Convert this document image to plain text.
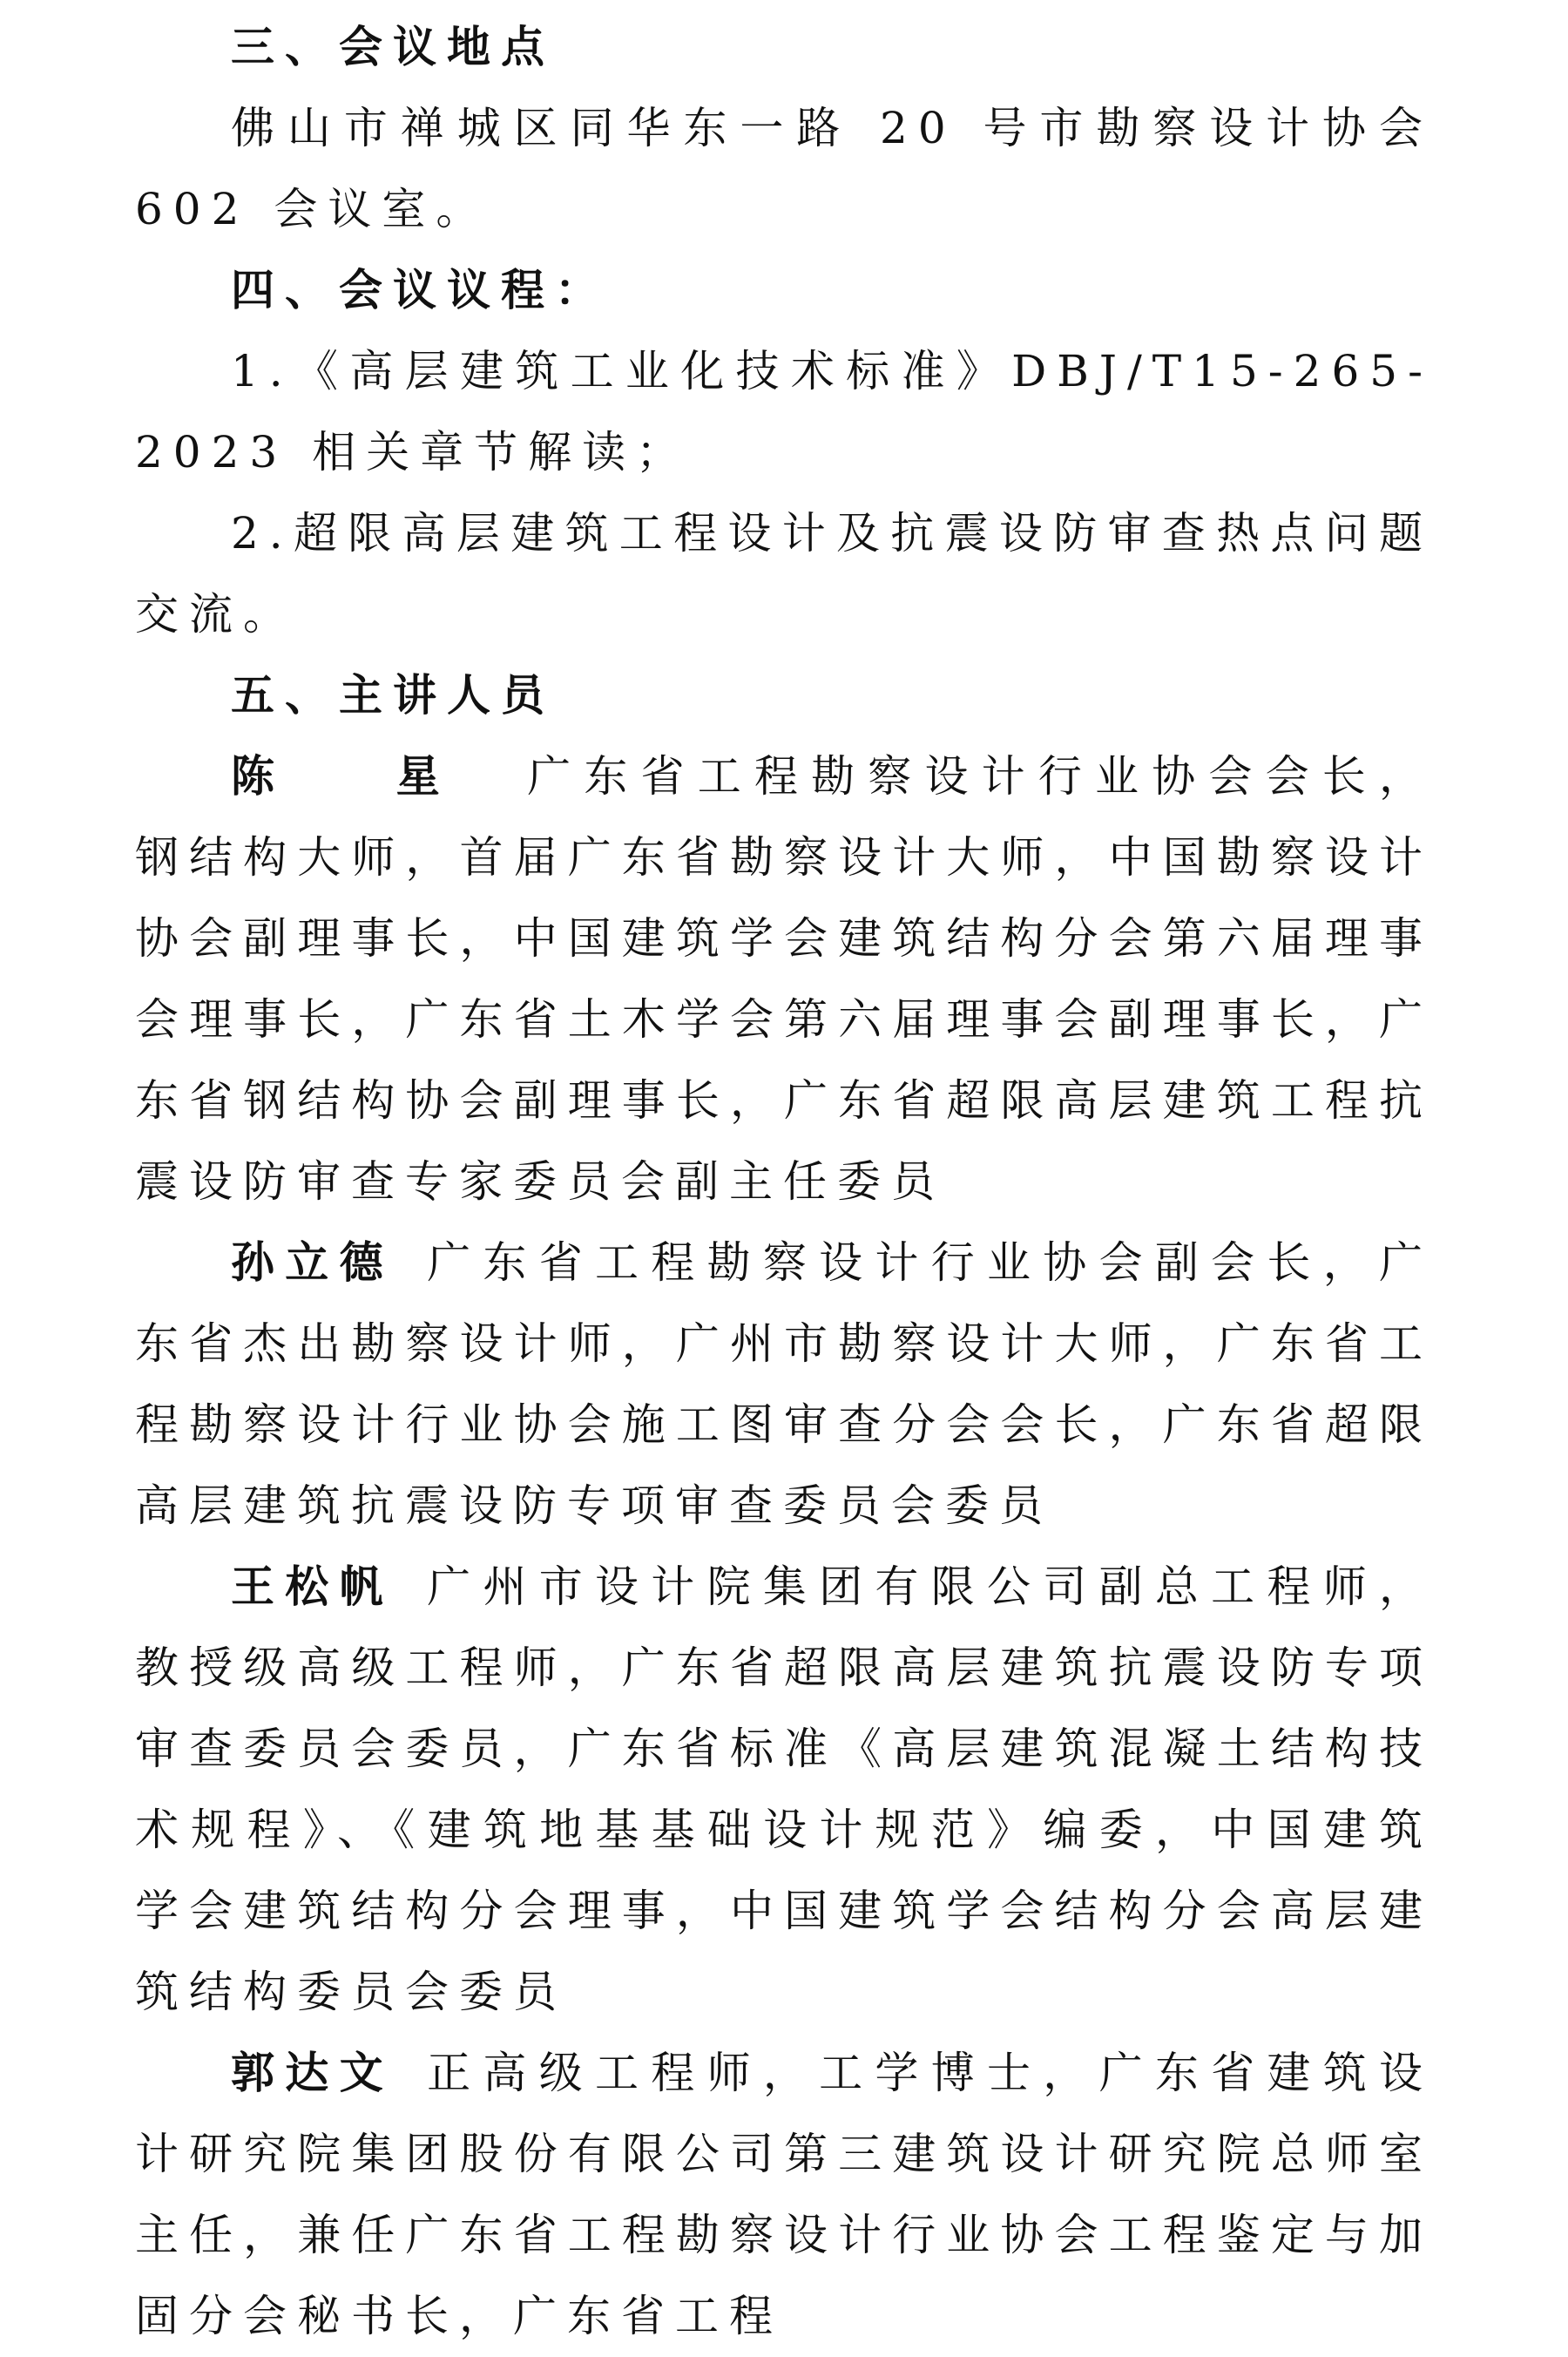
三、会议地点

佛山市禅城区同华东一路 20 号市勘察设计协会 602 会议室。

四、会议议程：

1.《高层建筑工业化技术标准》DBJ/T15-265-2023 相关章节解读；

2.超限高层建筑工程设计及抗震设防审查热点问题交流。

五、主讲人员

陈 星 广东省工程勘察设计行业协会会长，钢结构大师，首届广东省勘察设计大师，中国勘察设计协会副理事长，中国建筑学会建筑结构分会第六届理事会理事长，广东省土木学会第六届理事会副理事长，广东省钢结构协会副理事长，广东省超限高层建筑工程抗震设防审查专家委员会副主任委员

孙立德 广东省工程勘察设计行业协会副会长，广东省杰出勘察设计师，广州市勘察设计大师，广东省工程勘察设计行业协会施工图审查分会会长，广东省超限高层建筑抗震设防专项审查委员会委员

王松帆 广州市设计院集团有限公司副总工程师，教授级高级工程师，广东省超限高层建筑抗震设防专项审查委员会委员，广东省标准《高层建筑混凝土结构技术规程》、《建筑地基基础设计规范》编委，中国建筑学会建筑结构分会理事，中国建筑学会结构分会高层建筑结构委员会委员

郭达文 正高级工程师，工学博士，广东省建筑设计研究院集团股份有限公司第三建筑设计研究院总师室主任，兼任广东省工程勘察设计行业协会工程鉴定与加固分会秘书长，广东省工程
